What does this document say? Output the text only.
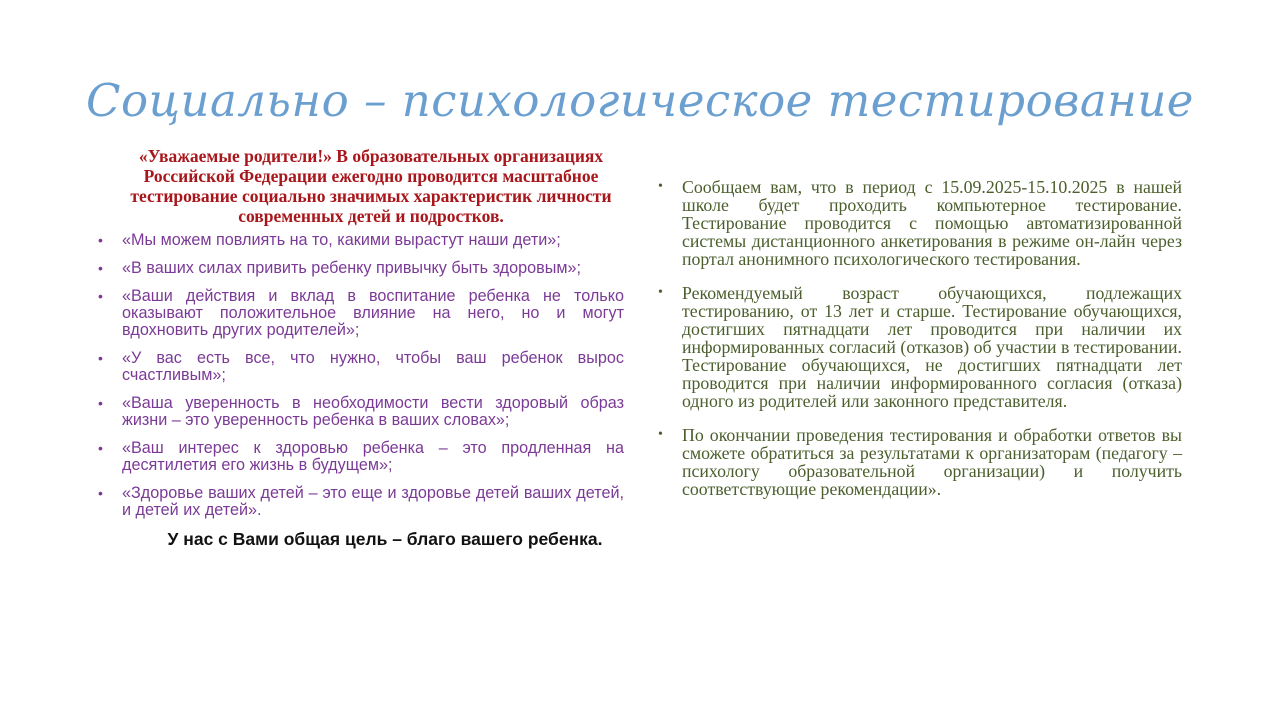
Социально – психологическое тестирование

«Уважаемые родители!» В образовательных организациях Российской Федерации ежегодно проводится масштабное тестирование социально значимых характеристик личности современных детей и подростков.

• «Мы можем повлиять на то, какими вырастут наши дети»;
• «В ваших силах привить ребенку привычку быть здоровым»;
• «Ваши действия и вклад в воспитание ребенка не только оказывают положительное влияние на него, но и могут вдохновить других родителей»;
• «У вас есть все, что нужно, чтобы ваш ребенок вырос счастливым»;
• «Ваша уверенность в необходимости вести здоровый образ жизни – это уверенность ребенка в ваших словах»;
• «Ваш интерес к здоровью ребенка – это продленная на десятилетия его жизнь в будущем»;
• «Здоровье ваших детей – это еще и здоровье детей ваших детей, и детей их детей».
У нас с Вами общая цель – благо вашего ребенка.
• Сообщаем вам, что в период с 15.09.2025-15.10.2025 в нашей школе будет проходить компьютерное тестирование. Тестирование проводится с помощью автоматизированной системы дистанционного анкетирования в режиме он-лайн через портал анонимного психологического тестирования.
• Рекомендуемый возраст обучающихся, подлежащих тестированию, от 13 лет и старше. Тестирование обучающихся, достигших пятнадцати лет проводится при наличии их информированных согласий (отказов) об участии в тестировании. Тестирование обучающихся, не достигших пятнадцати лет проводится при наличии информированного согласия (отказа) одного из родителей или законного представителя.
• По окончании проведения тестирования и обработки ответов вы сможете обратиться за результатами к организаторам (педагогу – психологу образовательной организации) и получить соответствующие рекомендации».
